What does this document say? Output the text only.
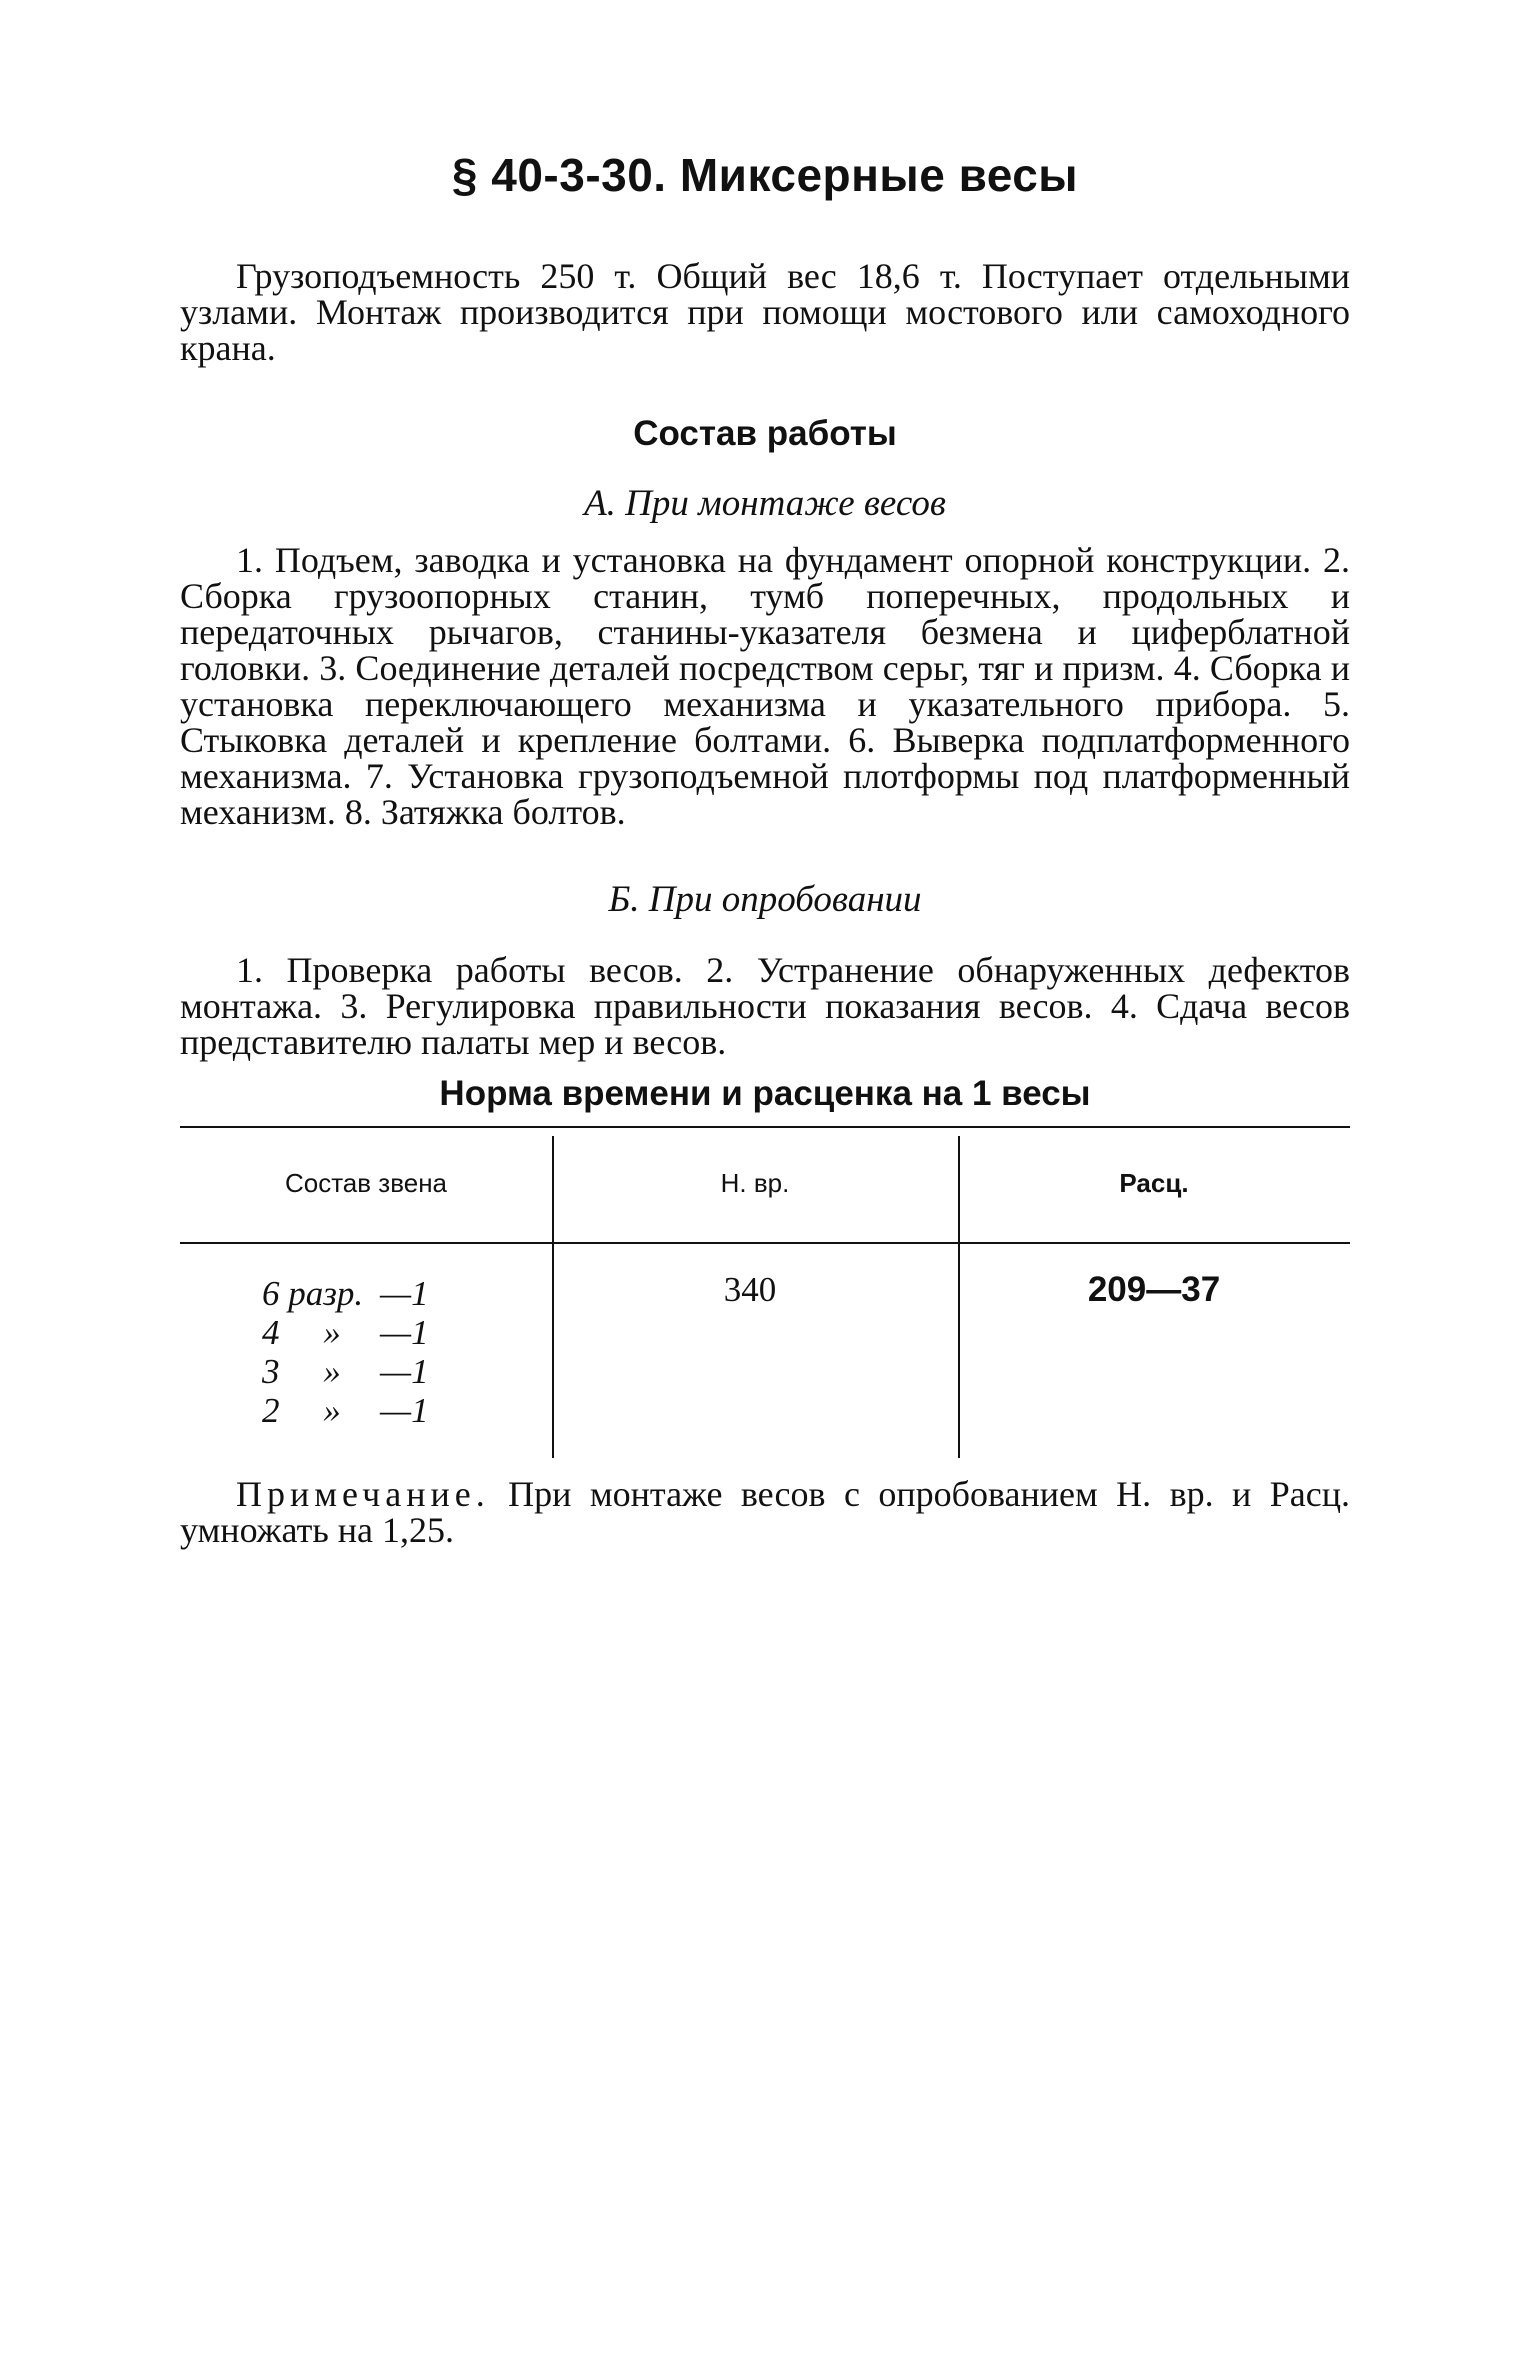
§ 40-3-30. Миксерные весы
Грузоподъемность 250 т. Общий вес 18,6 т. Поступает отдельными узлами. Монтаж производится при помощи мостового или самоходного крана.
Состав работы
А. При монтаже весов
1. Подъем, заводка и установка на фундамент опорной конструкции. 2. Сборка грузоопорных станин, тумб поперечных, продольных и передаточных рычагов, станины-указателя безмена и циферблатной головки. 3. Соединение деталей посредством серьг, тяг и призм. 4. Сборка и установка переключающего механизма и указательного прибора. 5. Стыковка деталей и крепление болтами. 6. Выверка подплатформенного механизма. 7. Установка грузоподъемной плотформы под платформенный механизм. 8. Затяжка болтов.
Б. При опробовании
1. Проверка работы весов. 2. Устранение обнаруженных дефектов монтажа. 3. Регулировка правильности показания весов. 4. Сдача весов представителю палаты мер и весов.
Норма времени и расценка на 1 весы
Состав звена	Н. вр.	Расц.
6 разр. —1
4     » —1
3     » —1
2     » —1
340	209—37
Примечание. При монтаже весов с опробованием Н. вр. и Расц. умножать на 1,25.
